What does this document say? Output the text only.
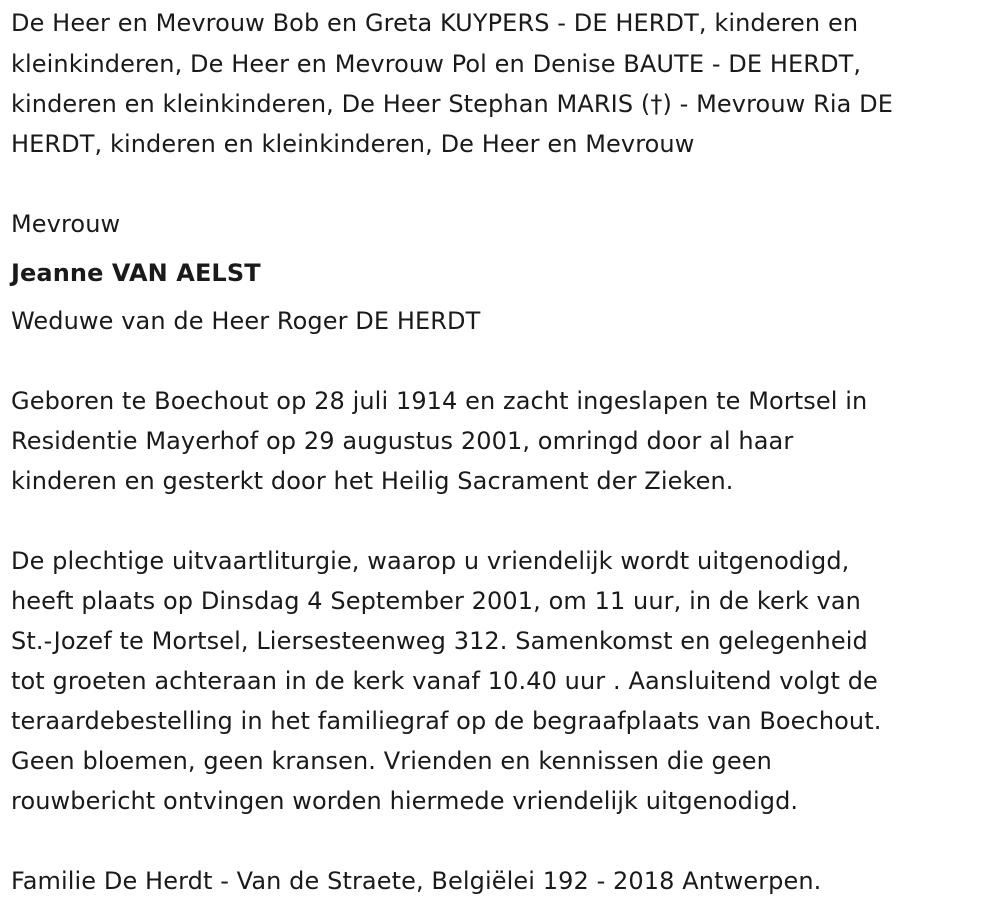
De Heer en Mevrouw Bob en Greta KUYPERS - DE HERDT, kinderen en
kleinkinderen, De Heer en Mevrouw Pol en Denise BAUTE - DE HERDT,
kinderen en kleinkinderen, De Heer Stephan MARIS (†) - Mevrouw Ria DE
HERDT, kinderen en kleinkinderen, De Heer en Mevrouw
Mevrouw
Jeanne VAN AELST
Weduwe van de Heer Roger DE HERDT
Geboren te Boechout op 28 juli 1914 en zacht ingeslapen te Mortsel in
Residentie Mayerhof op 29 augustus 2001, omringd door al haar
kinderen en gesterkt door het Heilig Sacrament der Zieken.
De plechtige uitvaartliturgie, waarop u vriendelijk wordt uitgenodigd,
heeft plaats op Dinsdag 4 September 2001, om 11 uur, in de kerk van
St.-Jozef te Mortsel, Liersesteenweg 312. Samenkomst en gelegenheid
tot groeten achteraan in de kerk vanaf 10.40 uur . Aansluitend volgt de
teraardebestelling in het familiegraf op de begraafplaats van Boechout.
Geen bloemen, geen kransen. Vrienden en kennissen die geen
rouwbericht ontvingen worden hiermede vriendelijk uitgenodigd.
Familie De Herdt - Van de Straete, Belgiëlei 192 - 2018 Antwerpen.
